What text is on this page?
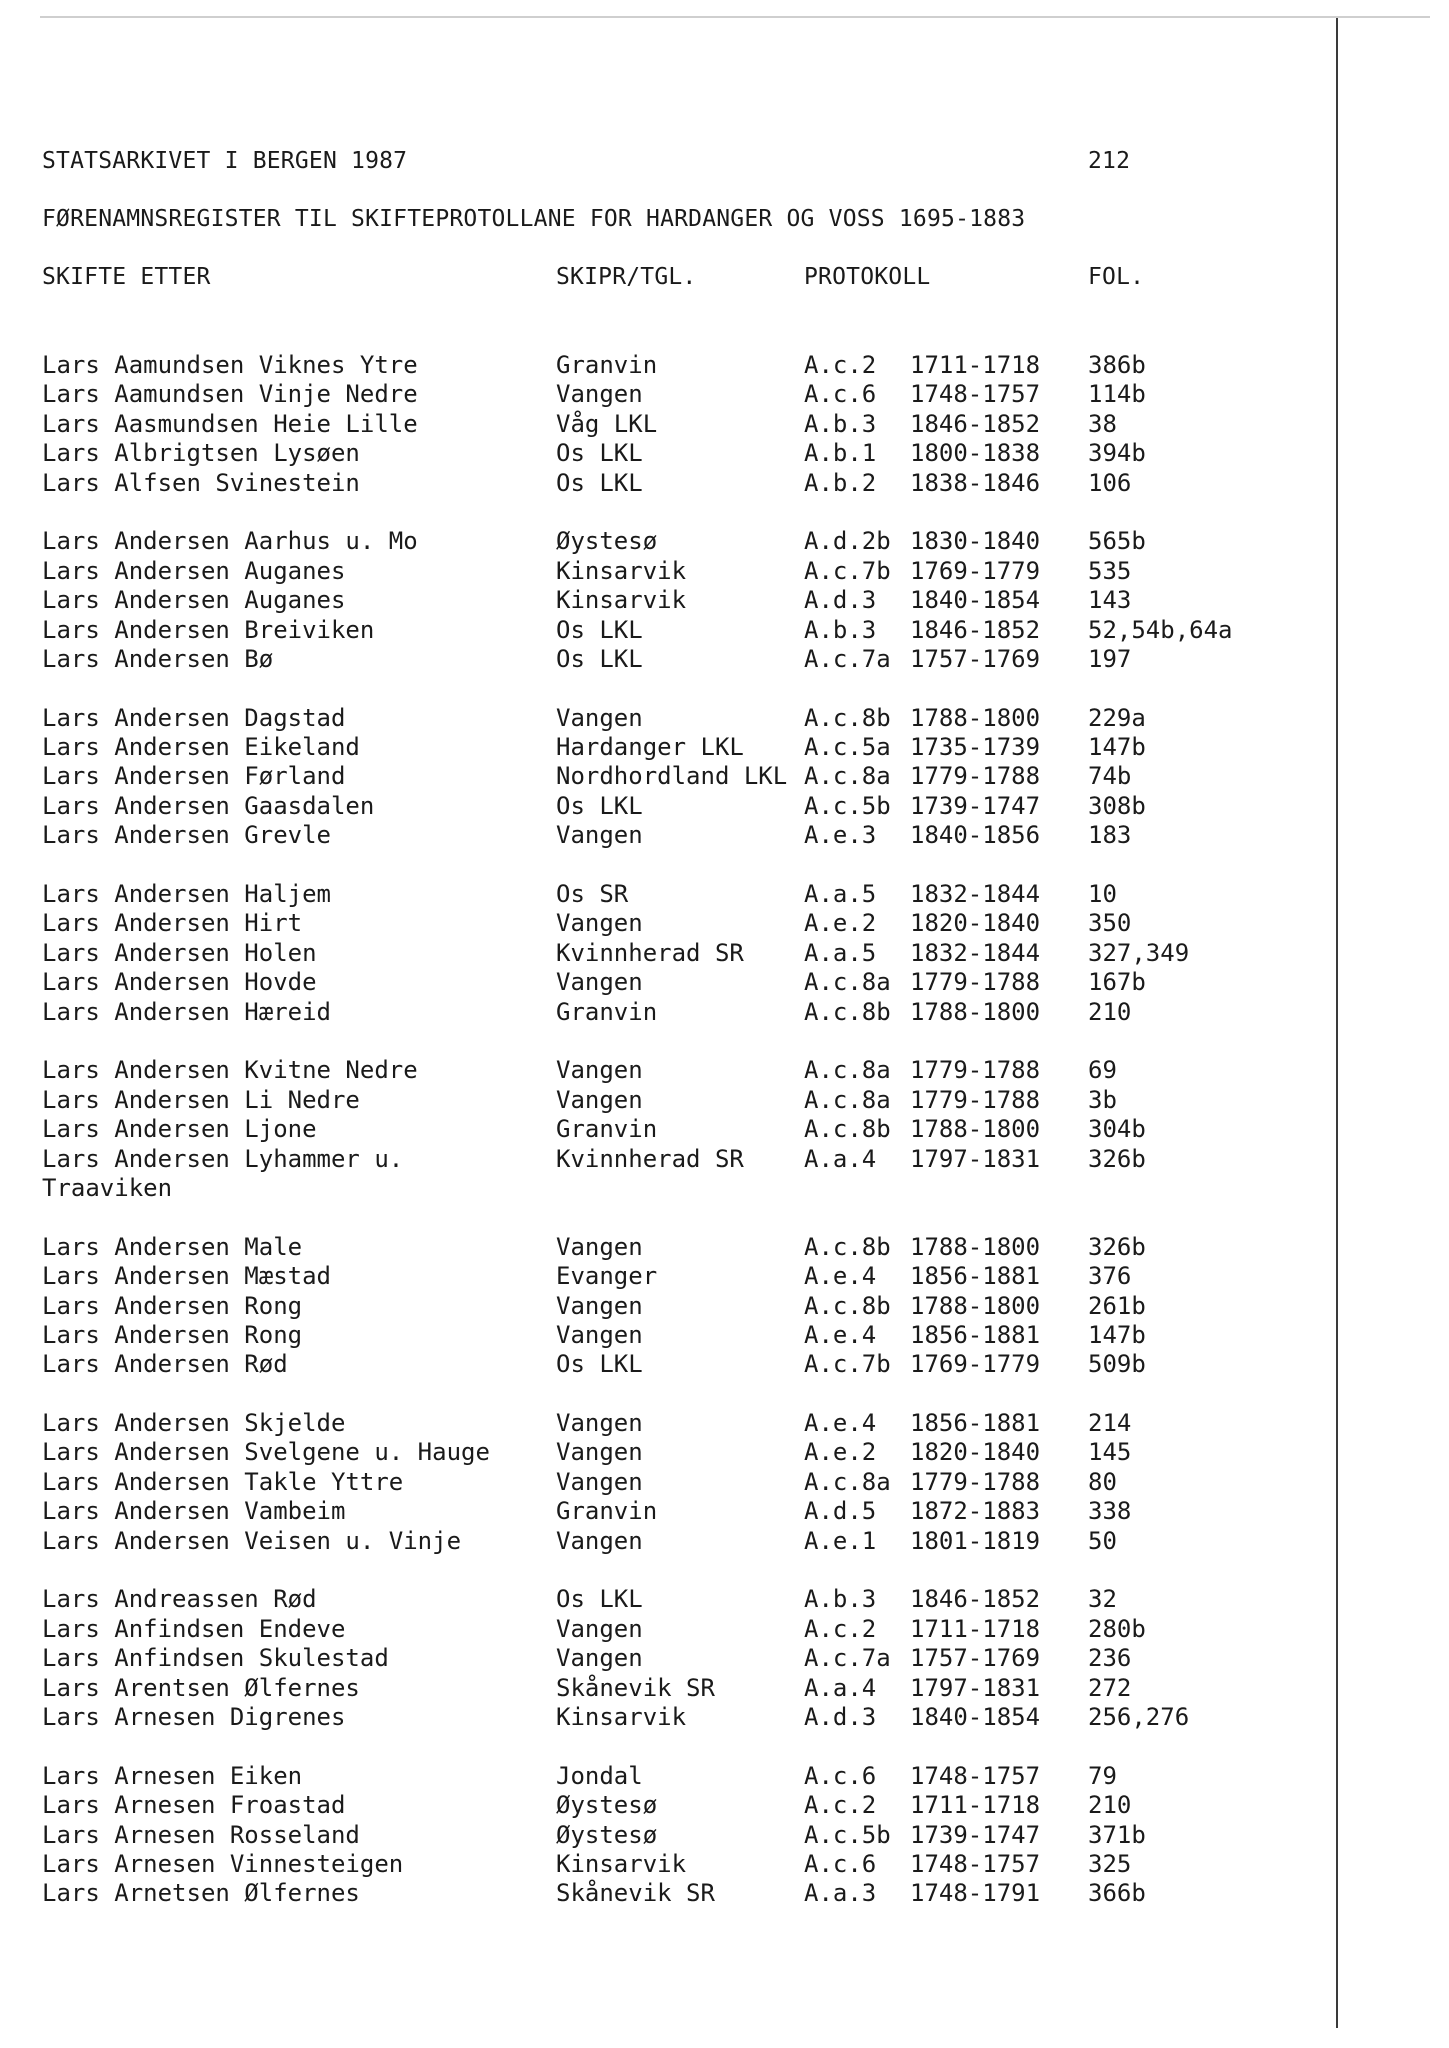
STATSARKIVET I BERGEN 1987	212
FØRENAMNSREGISTER TIL SKIFTEPROTOLLANE FOR HARDANGER OG VOSS 1695-1883
SKIFTE ETTER	SKIPR/TGL.	PROTOKOLL	FOL.
Lars Aamundsen Viknes Ytre	Granvin	A.c.2 1711-1718 386b
Lars Aamundsen Vinje Nedre	Vangen	A.c.6 1748-1757 114b
Lars Aasmundsen Heie Lille	Våg LKL	A.b.3 1846-1852 38
Lars Albrigtsen Lysøen	Os LKL	A.b.1 1800-1838 394b
Lars Alfsen Svinestein	Os LKL	A.b.2 1838-1846 106
Lars Andersen Aarhus u. Mo	Øystesø	A.d.2b 1830-1840 565b
Lars Andersen Auganes	Kinsarvik	A.c.7b 1769-1779 535
Lars Andersen Auganes	Kinsarvik	A.d.3 1840-1854 143
Lars Andersen Breiviken	Os LKL	A.b.3 1846-1852 52,54b,64a
Lars Andersen Bø	Os LKL	A.c.7a 1757-1769 197
Lars Andersen Dagstad	Vangen	A.c.8b 1788-1800 229a
Lars Andersen Eikeland	Hardanger LKL	A.c.5a 1735-1739 147b
Lars Andersen Førland	Nordhordland LKL A.c.8a 1779-1788 74b
Lars Andersen Gaasdalen	Os LKL	A.c.5b 1739-1747 308b
Lars Andersen Grevle	Vangen	A.e.3 1840-1856 183
Lars Andersen Haljem	Os SR	A.a.5 1832-1844 10
Lars Andersen Hirt	Vangen	A.e.2 1820-1840 350
Lars Andersen Holen	Kvinnherad SR	A.a.5 1832-1844 327,349
Lars Andersen Hovde	Vangen	A.c.8a 1779-1788 167b
Lars Andersen Hæreid	Granvin	A.c.8b 1788-1800 210
Lars Andersen Kvitne Nedre	Vangen	A.c.8a 1779-1788 69
Lars Andersen Li Nedre	Vangen	A.c.8a 1779-1788 3b
Lars Andersen Ljone	Granvin	A.c.8b 1788-1800 304b
Lars Andersen Lyhammer u.
Traaviken
Kvinnherad SR	A.a.4 1797-1831 326b
Lars Andersen Male	Vangen	A.c.8b 1788-1800 326b
Lars Andersen Mæstad	Evanger	A.e.4 1856-1881 376
Lars Andersen Rong	Vangen	A.c.8b 1788-1800 261b
Lars Andersen Rong	Vangen	A.e.4 1856-1881 147b
Lars Andersen Rød	Os LKL	A.c.7b 1769-1779 509b
Lars Andersen Skjelde	Vangen	A.e.4 1856-1881 214
Lars Andersen Svelgene u. Hauge	Vangen	A.e.2 1820-1840 145
Lars Andersen Takle Yttre	Vangen	A.c.8a 1779-1788 80
Lars Andersen Vambeim	Granvin	A.d.5 1872-1883 338
Lars Andersen Veisen u. Vinje	Vangen	A.e.1 1801-1819 50
Lars Andreassen Rød	Os LKL	A.b.3 1846-1852 32
Lars Anfindsen Endeve	Vangen	A.c.2 1711-1718 280b
Lars Anfindsen Skulestad	Vangen	A.c.7a 1757-1769 236
Lars Arentsen Ølfernes	Skånevik SR	A.a.4 1797-1831 272
Lars Arnesen Digrenes	Kinsarvik	A.d.3 1840-1854 256,276
Lars Arnesen Eiken	Jondal	A.c.6 1748-1757 79
Lars Arnesen Froastad	Øystesø	A.c.2 1711-1718 210
Lars Arnesen Rosseland	Øystesø	A.c.5b 1739-1747 371b
Lars Arnesen Vinnesteigen	Kinsarvik	A.c.6 1748-1757 325
Lars Arnetsen Ølfernes	Skånevik SR	A.a.3 1748-1791 366b
